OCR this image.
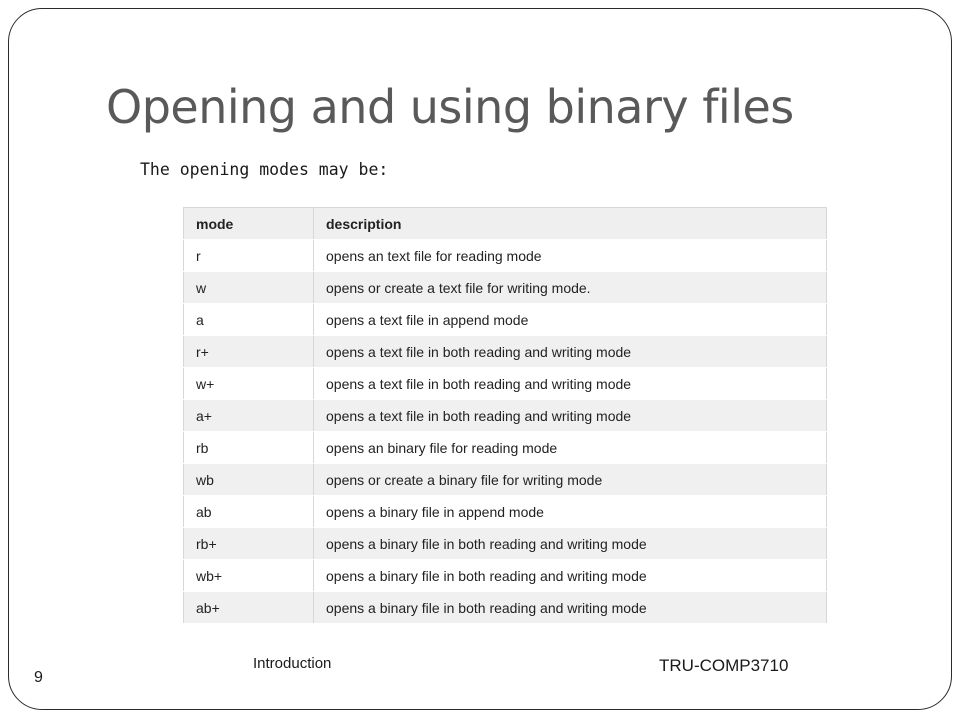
Opening and using binary files
The opening modes may be:
mode	description
r	opens an text file for reading mode
w	opens or create a text file for writing mode.
a	opens a text file in append mode
r+	opens a text file in both reading and writing mode
w+	opens a text file in both reading and writing mode
a+	opens a text file in both reading and writing mode
rb	opens an binary file for reading mode
wb	opens or create a binary file for writing mode
ab	opens a binary file in append mode
rb+	opens a binary file in both reading and writing mode
wb+	opens a binary file in both reading and writing mode
ab+	opens a binary file in both reading and writing mode
Introduction	TRU-COMP3710
9
